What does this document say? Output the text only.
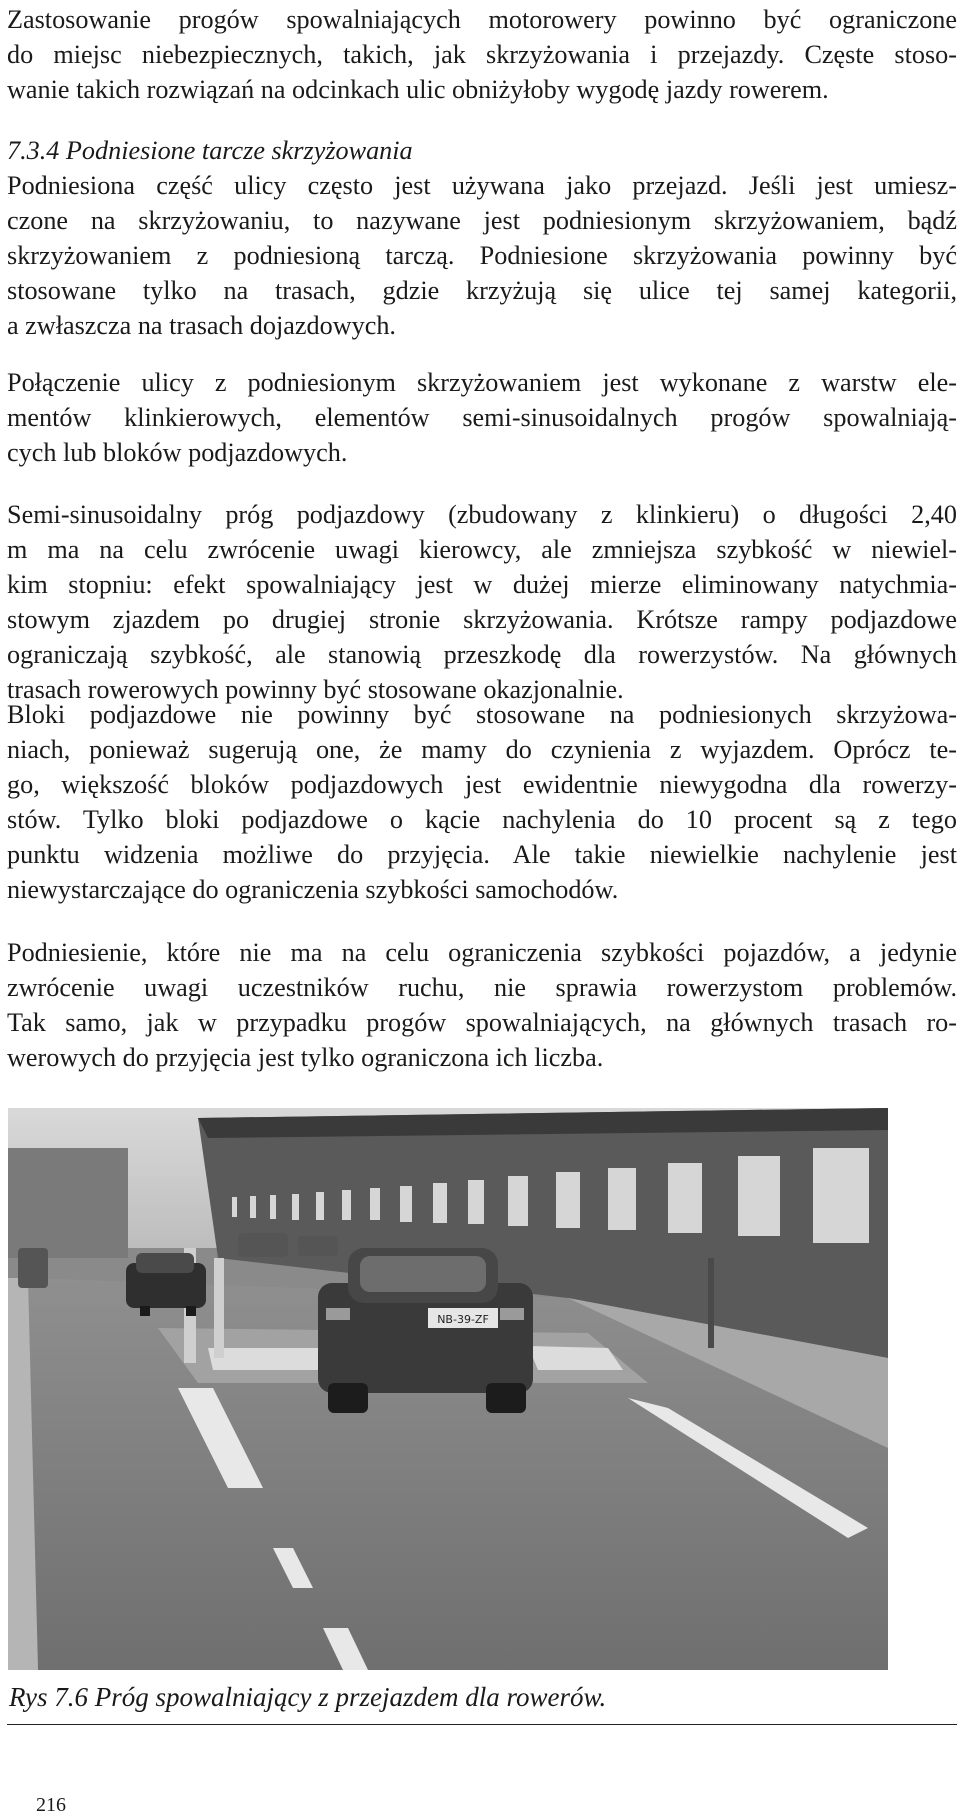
Zastosowanie progów spowalniających motorowery powinno być ograniczone
do miejsc niebezpiecznych, takich, jak skrzyżowania i przejazdy. Częste stoso-
wanie takich rozwiązań na odcinkach ulic obniżyłoby wygodę jazdy rowerem.
7.3.4 Podniesione tarcze skrzyżowania
Podniesiona część ulicy często jest używana jako przejazd. Jeśli jest umiesz-
czone na skrzyżowaniu, to nazywane jest podniesionym skrzyżowaniem, bądź
skrzyżowaniem z podniesioną tarczą. Podniesione skrzyżowania powinny być
stosowane tylko na trasach, gdzie krzyżują się ulice tej samej kategorii,
a zwłaszcza na trasach dojazdowych.
Połączenie ulicy z podniesionym skrzyżowaniem jest wykonane z warstw ele-
mentów klinkierowych, elementów semi-sinusoidalnych progów spowalniają-
cych lub bloków podjazdowych.
Semi-sinusoidalny próg podjazdowy (zbudowany z klinkieru) o długości 2,40
m ma na celu zwrócenie uwagi kierowcy, ale zmniejsza szybkość w niewiel-
kim stopniu: efekt spowalniający jest w dużej mierze eliminowany natychmia-
stowym zjazdem po drugiej stronie skrzyżowania. Krótsze rampy podjazdowe
ograniczają szybkość, ale stanowią przeszkodę dla rowerzystów. Na głównych
trasach rowerowych powinny być stosowane okazjonalnie.
Bloki podjazdowe nie powinny być stosowane na podniesionych skrzyżowa-
niach, ponieważ sugerują one, że mamy do czynienia z wyjazdem. Oprócz te-
go, większość bloków podjazdowych jest ewidentnie niewygodna dla rowerzy-
stów. Tylko bloki podjazdowe o kącie nachylenia do 10 procent są z tego
punktu widzenia możliwe do przyjęcia. Ale takie niewielkie nachylenie jest
niewystarczające do ograniczenia szybkości samochodów.
Podniesienie, które nie ma na celu ograniczenia szybkości pojazdów, a jedynie
zwrócenie uwagi uczestników ruchu, nie sprawia rowerzystom problemów.
Tak samo, jak w przypadku progów spowalniających, na głównych trasach ro-
werowych do przyjęcia jest tylko ograniczona ich liczba.
NB-39-ZF
Rys 7.6 Próg spowalniający z przejazdem dla rowerów.
216
